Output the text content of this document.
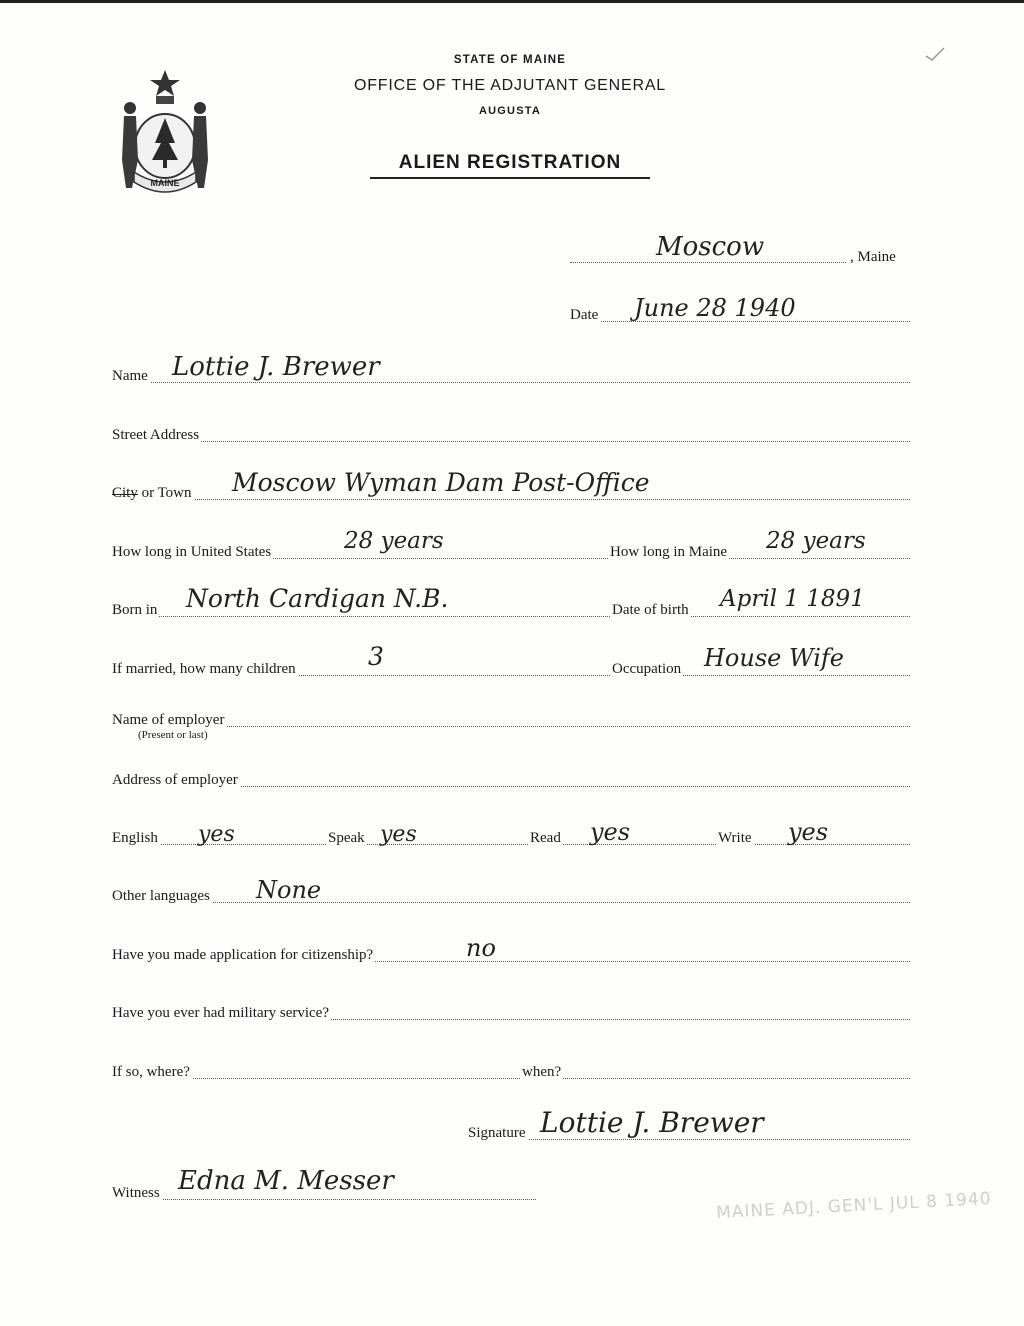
MAINE
STATE OF MAINE
OFFICE OF THE ADJUTANT GENERAL
AUGUSTA
ALIEN REGISTRATION
Moscow	, Maine
Date June 28 1940
Name Lottie J. Brewer
Street Address
City or Town Moscow Wyman Dam Post-Office
How long in United States	28 years	How long in Maine 28 years
Born in North Cardigan N.B.	Date of birth April 1 1891
If married, how many children	3	Occupation House Wife
Name of employer
(Present or last)
Address of employer
English yes	Speak yes	Read yes	Write yes
Other languages None
Have you made application for citizenship?	no
Have you ever had military service?
If so, where?	when?
Signature Lottie J. Brewer
Witness Edna M. Messer
MAINE ADJ. GEN'L JUL 8 1940
